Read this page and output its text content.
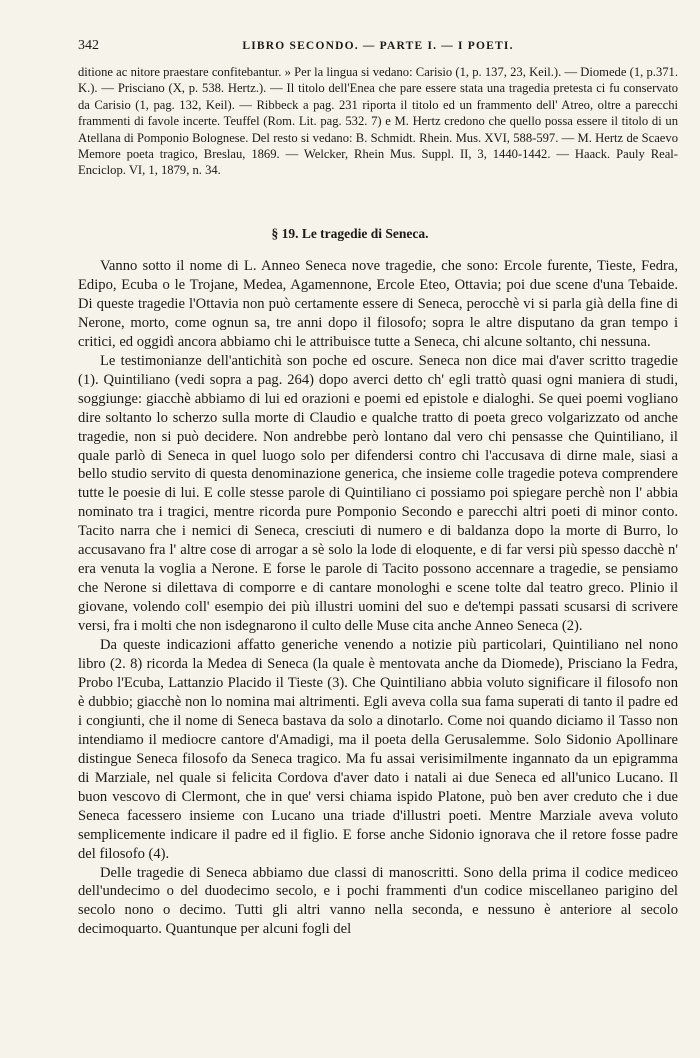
342	LIBRO SECONDO. — PARTE I. — I POETI.

ditione ac nitore praestare confitebantur. » Per la lingua si vedano: Carisio (1, p. 137, 23, Keil.). — Diomede (1, p.371. K.). — Prisciano (X, p. 538. Hertz.). — Il titolo dell'Enea che pare essere stata una tragedia pretesta ci fu conservato da Carisio (1, pag. 132, Keil). — Ribbeck a pag. 231 riporta il titolo ed un frammento dell' Atreo, oltre a parecchi frammenti di favole incerte. Teuffel (Rom. Lit. pag. 532. 7) e M. Hertz credono che quello possa essere il titolo di un Atellana di Pomponio Bolognese. Del resto si vedano: B. Schmidt. Rhein. Mus. XVI, 588-597. — M. Hertz de Scaevo Memore poeta tragico, Breslau, 1869. — Welcker, Rhein Mus. Suppl. II, 3, 1440-1442. — Haack. Pauly Real-Enciclop. VI, 1, 1879, n. 34.

§ 19. Le tragedie di Seneca.

Vanno sotto il nome di L. Anneo Seneca nove tragedie, che sono: Ercole furente, Tieste, Fedra, Edipo, Ecuba o le Trojane, Medea, Agamennone, Ercole Eteo, Ottavia; poi due scene d'una Tebaide. Di queste tragedie l'Ottavia non può certamente essere di Seneca, perocchè vi si parla già della fine di Nerone, morto, come ognun sa, tre anni dopo il filosofo; sopra le altre disputano da gran tempo i critici, ed oggidì ancora abbiamo chi le attribuisce tutte a Seneca, chi alcune soltanto, chi nessuna.

Le testimonianze dell'antichità son poche ed oscure. Seneca non dice mai d'aver scritto tragedie (1). Quintiliano (vedi sopra a pag. 264) dopo averci detto ch' egli trattò quasi ogni maniera di studi, soggiunge: giacchè abbiamo di lui ed orazioni e poemi ed epistole e dialoghi. Se quei poemi vogliano dire soltanto lo scherzo sulla morte di Claudio e qualche tratto di poeta greco volgarizzato od anche tragedie, non si può decidere. Non andrebbe però lontano dal vero chi pensasse che Quintiliano, il quale parlò di Seneca in quel luogo solo per difendersi contro chi l'accusava di dirne male, siasi a bello studio servito di questa denominazione generica, che insieme colle tragedie poteva comprendere tutte le poesie di lui. E colle stesse parole di Quintiliano ci possiamo poi spiegare perchè non l' abbia nominato tra i tragici, mentre ricorda pure Pomponio Secondo e parecchi altri poeti di minor conto. Tacito narra che i nemici di Seneca, cresciuti di numero e di baldanza dopo la morte di Burro, lo accusavano fra l' altre cose di arrogar a sè solo la lode di eloquente, e di far versi più spesso dacchè n' era venuta la voglia a Nerone. E forse le parole di Tacito possono accennare a tragedie, se pensiamo che Nerone si dilettava di comporre e di cantare monologhi e scene tolte dal teatro greco. Plinio il giovane, volendo coll' esempio dei più illustri uomini del suo e de'tempi passati scusarsi di scrivere versi, fra i molti che non isdegnarono il culto delle Muse cita anche Anneo Seneca (2).

Da queste indicazioni affatto generiche venendo a notizie più particolari, Quintiliano nel nono libro (2. 8) ricorda la Medea di Seneca (la quale è mentovata anche da Diomede), Prisciano la Fedra, Probo l'Ecuba, Lattanzio Placido il Tieste (3). Che Quintiliano abbia voluto significare il filosofo non è dubbio; giacchè non lo nomina mai altrimenti. Egli aveva colla sua fama superati di tanto il padre ed i congiunti, che il nome di Seneca bastava da solo a dinotarlo. Come noi quando diciamo il Tasso non intendiamo il mediocre cantore d'Amadigi, ma il poeta della Gerusalemme. Solo Sidonio Apollinare distingue Seneca filosofo da Seneca tragico. Ma fu assai verisimilmente ingannato da un epigramma di Marziale, nel quale si felicita Cordova d'aver dato i natali ai due Seneca ed all'unico Lucano. Il buon vescovo di Clermont, che in que' versi chiama ispido Platone, può ben aver creduto che i due Seneca facessero insieme con Lucano una triade d'illustri poeti. Mentre Marziale aveva voluto semplicemente indicare il padre ed il figlio. E forse anche Sidonio ignorava che il retore fosse padre del filosofo (4).

Delle tragedie di Seneca abbiamo due classi di manoscritti. Sono della prima il codice mediceo dell'undecimo o del duodecimo secolo, e i pochi frammenti d'un codice miscellaneo parigino del secolo nono o decimo. Tutti gli altri vanno nella seconda, e nessuno è anteriore al secolo decimoquarto. Quantunque per alcuni fogli del
